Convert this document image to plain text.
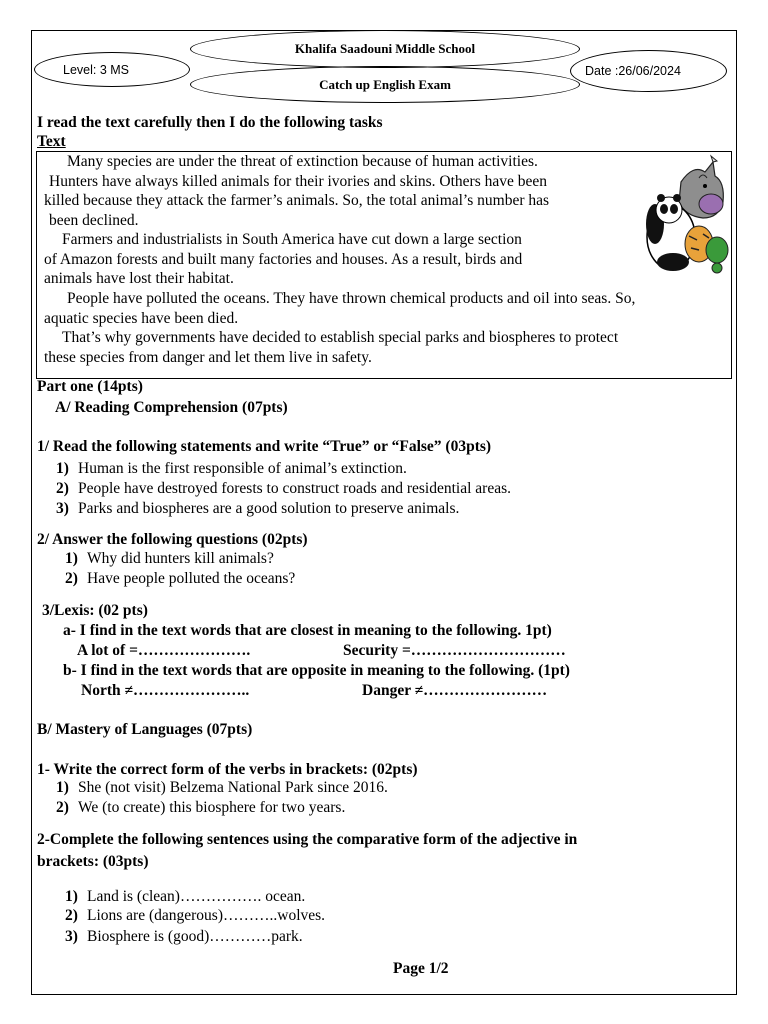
Khalifa Saadouni Middle School
Level: 3 MS
Catch up English Exam
Date :26/06/2024
I read the text carefully then I do the following tasks
Text
Many species are under the threat of extinction because of human activities.
Hunters have always killed animals for their ivories and skins. Others have been
killed because they attack the farmer’s animals. So, the total animal’s number has
been declined.
Farmers and industrialists in South America have cut down a large section
of Amazon forests and built many factories and houses. As a result, birds and
animals have lost their habitat.
People have polluted the oceans. They have thrown chemical products and oil into seas. So,
aquatic species have been died.
That’s why governments have decided to establish special parks and biospheres to protect
these species from danger and let them live in safety.
Part one (14pts)
A/ Reading Comprehension (07pts)
1/ Read the following statements and write “True” or “False” (03pts)
1) Human is the first responsible of animal’s extinction.
2) People have destroyed forests to construct roads and residential areas.
3) Parks and biospheres are a good solution to preserve animals.
2/ Answer the following questions (02pts)
1) Why did hunters kill animals?
2) Have people polluted the oceans?
3/Lexis: (02 pts)
a- I find in the text words that are closest in meaning to the following. 1pt)
A lot of =………………….	Security =…………………………
b- I find in the text words that are opposite in meaning to the following. (1pt)
North ≠…………………..	Danger ≠……………………
B/ Mastery of Languages (07pts)
1- Write the correct form of the verbs in brackets: (02pts)
1) She (not visit) Belzema National Park since 2016.
2) We (to create) this biosphere for two years.
2-Complete the following sentences using the comparative form of the adjective in
brackets: (03pts)
1) Land is (clean)……………. ocean.
2) Lions are (dangerous)………..wolves.
3) Biosphere is (good)…………park.
Page 1/2
